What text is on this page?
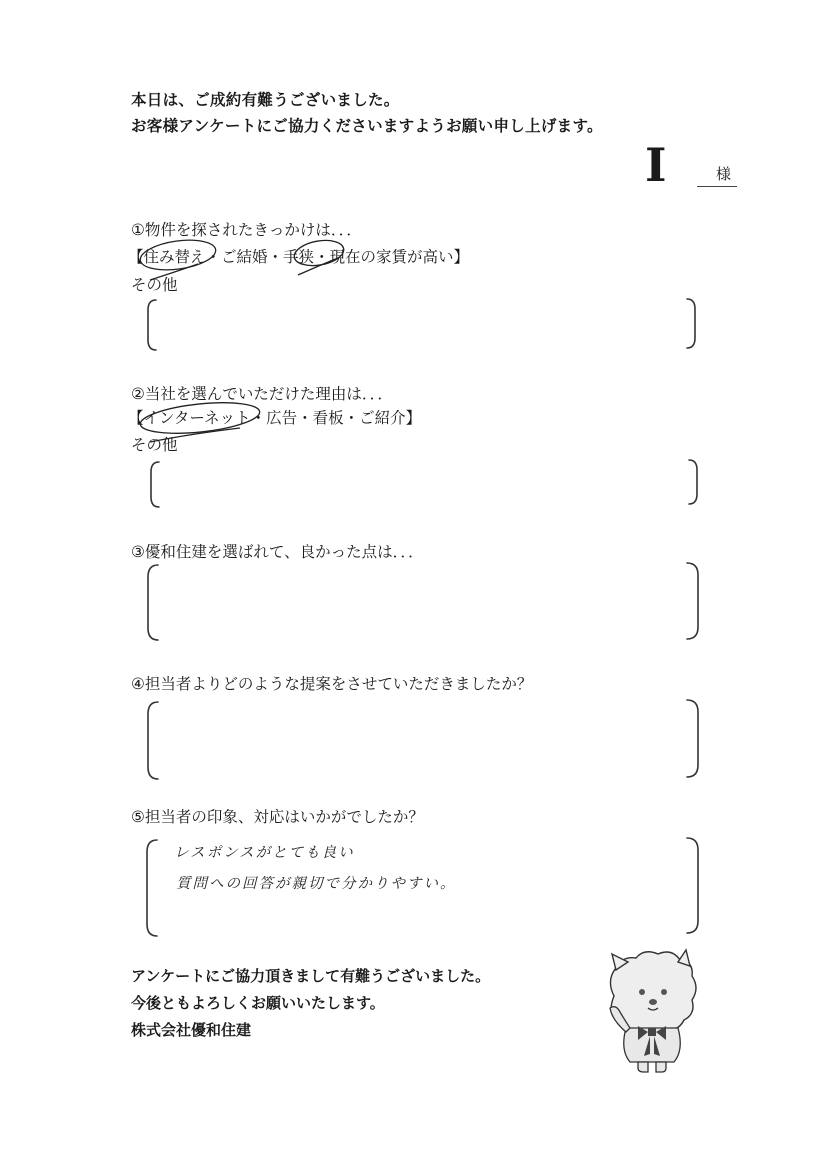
本日は、ご成約有難うございました。
お客様アンケートにご協力くださいますようお願い申し上げます。
I	様
①物件を探されたきっかけは．．．
【住み替え・ご結婚・手狭・現在の家賃が高い】
その他
②当社を選んでいただけた理由は．．．
【インターネット・広告・看板・ご紹介】
その他
③優和住建を選ばれて、良かった点は．．．
④担当者よりどのような提案をさせていただきましたか？
⑤担当者の印象、対応はいかがでしたか？
レスポンスがとても良い
質問への回答が親切で分かりやすい。
アンケートにご協力頂きまして有難うございました。
今後ともよろしくお願いいたします。
株式会社優和住建
